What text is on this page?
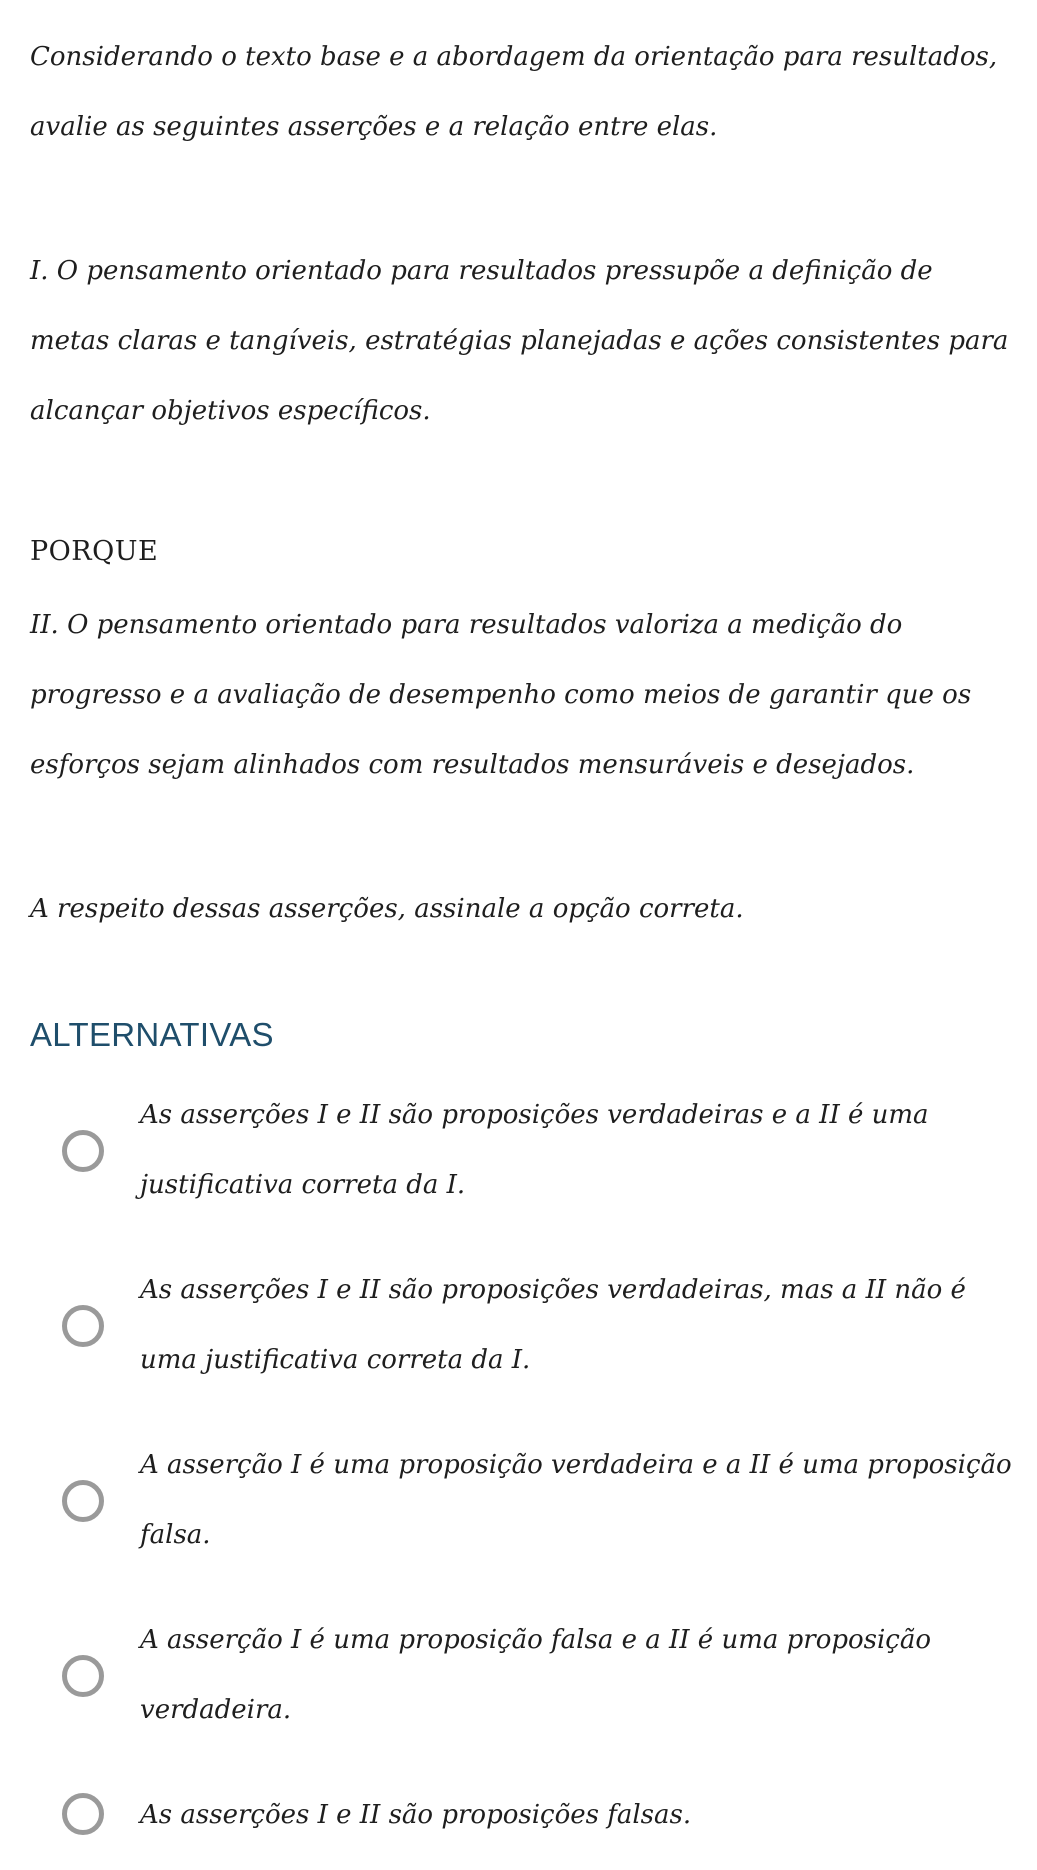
Considerando o texto base e a abordagem da orientação para resultados,
avalie as seguintes asserções e a relação entre elas.
I. O pensamento orientado para resultados pressupõe a definição de
metas claras e tangíveis, estratégias planejadas e ações consistentes para
alcançar objetivos específicos.
PORQUE
II. O pensamento orientado para resultados valoriza a medição do
progresso e a avaliação de desempenho como meios de garantir que os
esforços sejam alinhados com resultados mensuráveis e desejados.
A respeito dessas asserções, assinale a opção correta.
ALTERNATIVAS
As asserções I e II são proposições verdadeiras e a II é uma
justificativa correta da I.
As asserções I e II são proposições verdadeiras, mas a II não é
uma justificativa correta da I.
A asserção I é uma proposição verdadeira e a II é uma proposição
falsa.
A asserção I é uma proposição falsa e a II é uma proposição
verdadeira.
As asserções I e II são proposições falsas.
